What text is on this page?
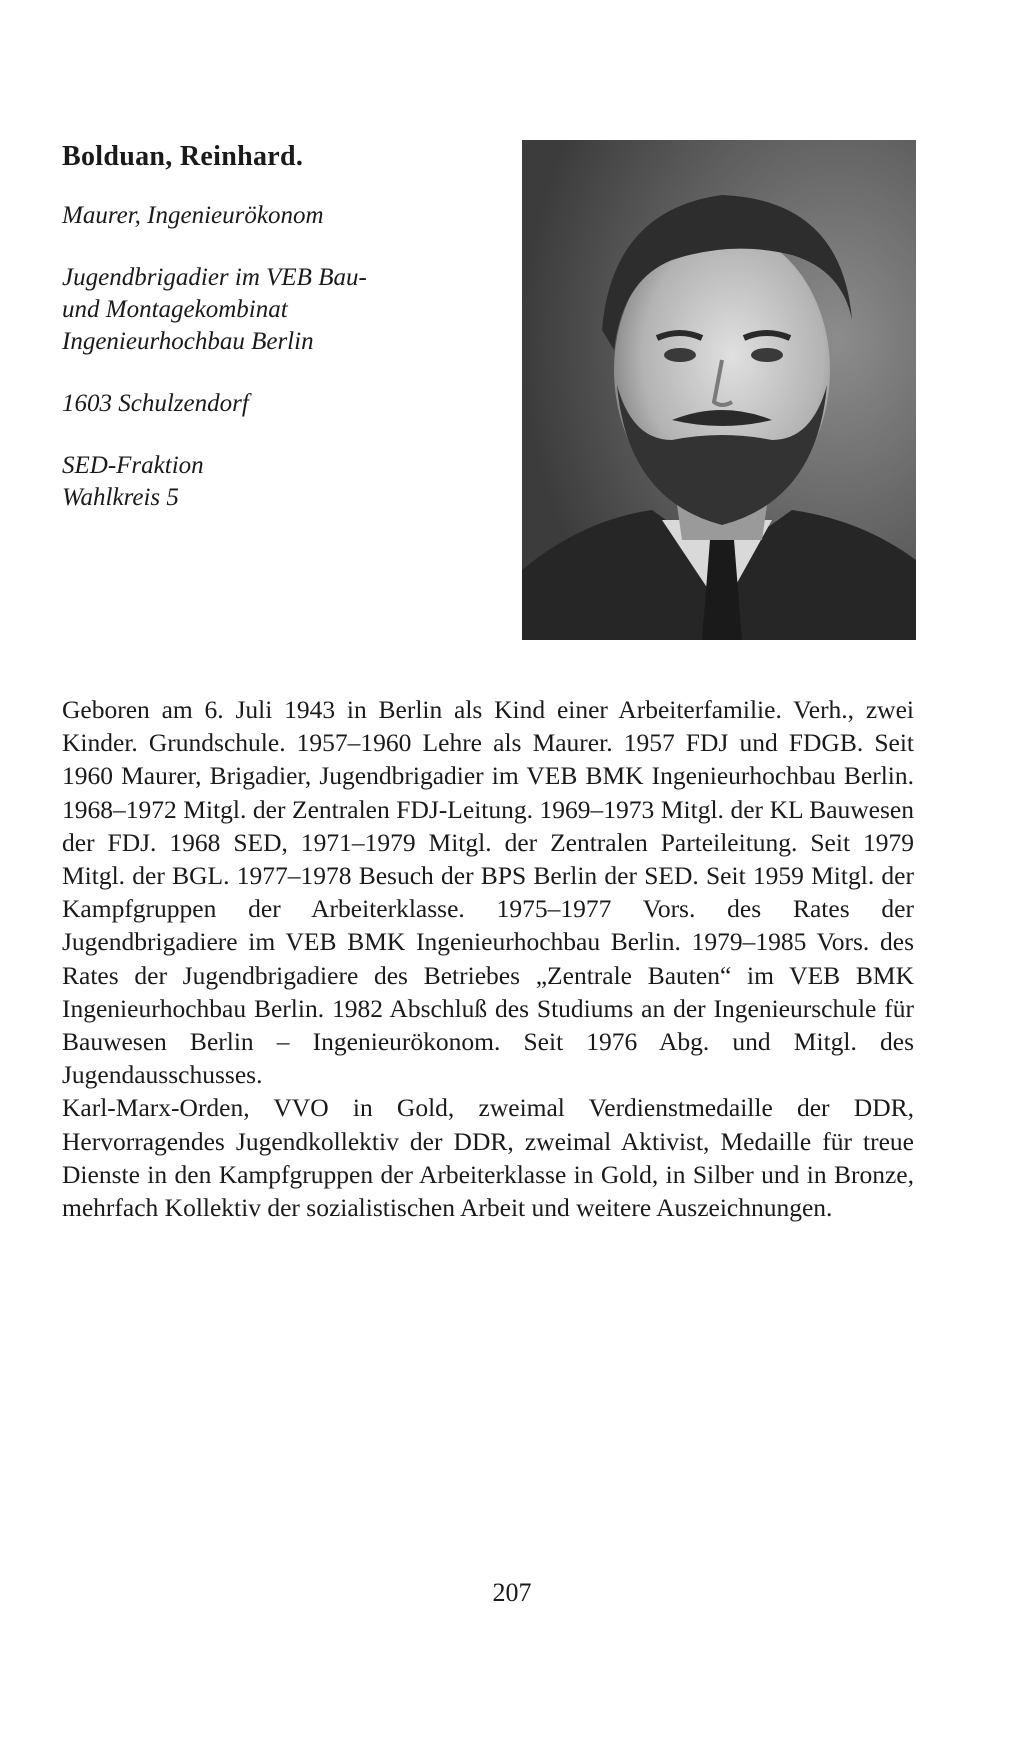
Bolduan, Reinhard.
Maurer, Ingenieurökonom
Jugendbrigadier im VEB Bau-
und Montagekombinat
Ingenieurhochbau Berlin
1603 Schulzendorf
SED-Fraktion
Wahlkreis 5

Geboren am 6. Juli 1943 in Berlin als Kind einer Arbeiterfamilie. Verh., zwei Kinder. Grundschule. 1957–1960 Lehre als Maurer. 1957 FDJ und FDGB. Seit 1960 Maurer, Brigadier, Jugendbrigadier im VEB BMK Ingenieurhochbau Berlin. 1968–1972 Mitgl. der Zentralen FDJ-Leitung. 1969–1973 Mitgl. der KL Bauwesen der FDJ. 1968 SED, 1971–1979 Mitgl. der Zentralen Parteileitung. Seit 1979 Mitgl. der BGL. 1977–1978 Besuch der BPS Berlin der SED. Seit 1959 Mitgl. der Kampfgruppen der Arbeiterklasse. 1975–1977 Vors. des Rates der Jugendbrigadiere im VEB BMK Ingenieurhochbau Berlin. 1979–1985 Vors. des Rates der Jugendbrigadiere des Betriebes „Zentrale Bauten“ im VEB BMK Ingenieurhochbau Berlin. 1982 Abschluß des Studiums an der Ingenieurschule für Bauwesen Berlin – Ingenieurökonom. Seit 1976 Abg. und Mitgl. des Jugendausschusses.

Karl-Marx-Orden, VVO in Gold, zweimal Verdienstmedaille der DDR, Hervorragendes Jugendkollektiv der DDR, zweimal Aktivist, Medaille für treue Dienste in den Kampfgruppen der Arbeiterklasse in Gold, in Silber und in Bronze, mehrfach Kollektiv der sozialistischen Arbeit und weitere Auszeichnungen.

207
